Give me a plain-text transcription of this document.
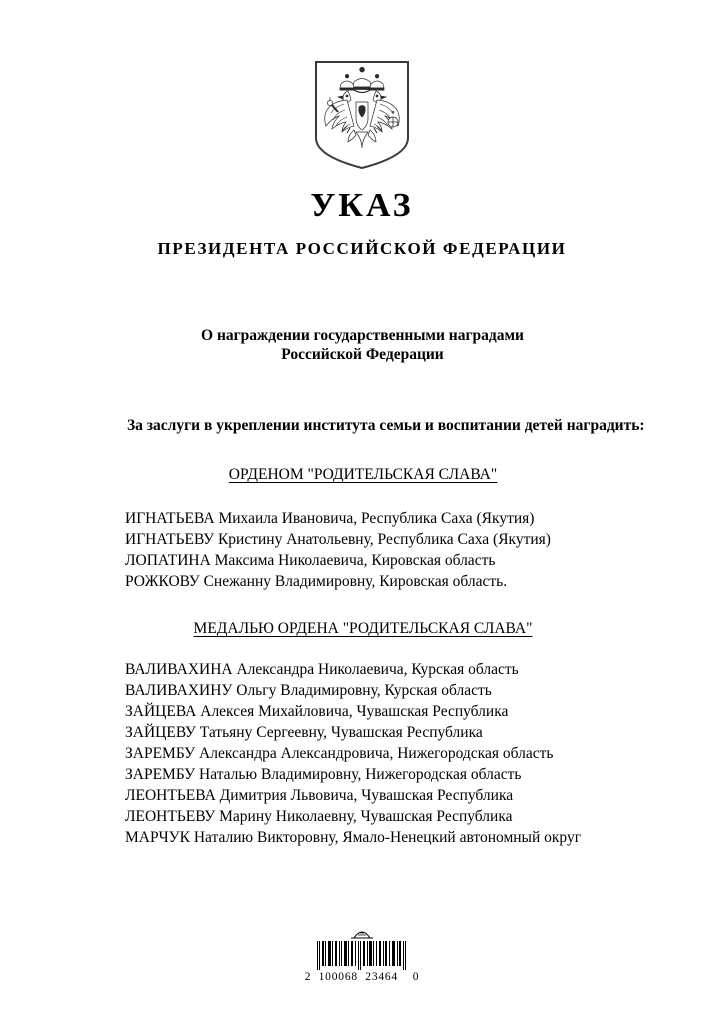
УКАЗ
ПРЕЗИДЕНТА РОССИЙСКОЙ ФЕДЕРАЦИИ
О награждении государственными наградами
Российской Федерации

За заслуги в укреплении института семьи и воспитании детей наградить:

ОРДЕНОМ "РОДИТЕЛЬСКАЯ СЛАВА"
ИГНАТЬЕВА Михаила Ивановича, Республика Саха (Якутия)
ИГНАТЬЕВУ Кристину Анатольевну, Республика Саха (Якутия)
ЛОПАТИНА Максима Николаевича, Кировская область
РОЖКОВУ Снежанну Владимировну, Кировская область.
МЕДАЛЬЮ ОРДЕНА "РОДИТЕЛЬСКАЯ СЛАВА"
ВАЛИВАХИНА Александра Николаевича, Курская область
ВАЛИВАХИНУ Ольгу Владимировну, Курская область
ЗАЙЦЕВА Алексея Михайловича, Чувашская Республика
ЗАЙЦЕВУ Татьяну Сергеевну, Чувашская Республика
ЗАРЕМБУ Александра Александровича, Нижегородская область
ЗАРЕМБУ Наталью Владимировну, Нижегородская область
ЛЕОНТЬЕВА Димитрия Львовича, Чувашская Республика
ЛЕОНТЬЕВУ Марину Николаевну, Чувашская Республика
МАРЧУК Наталию Викторовну, Ямало-Ненецкий автономный округ
2  100068  23464    0
